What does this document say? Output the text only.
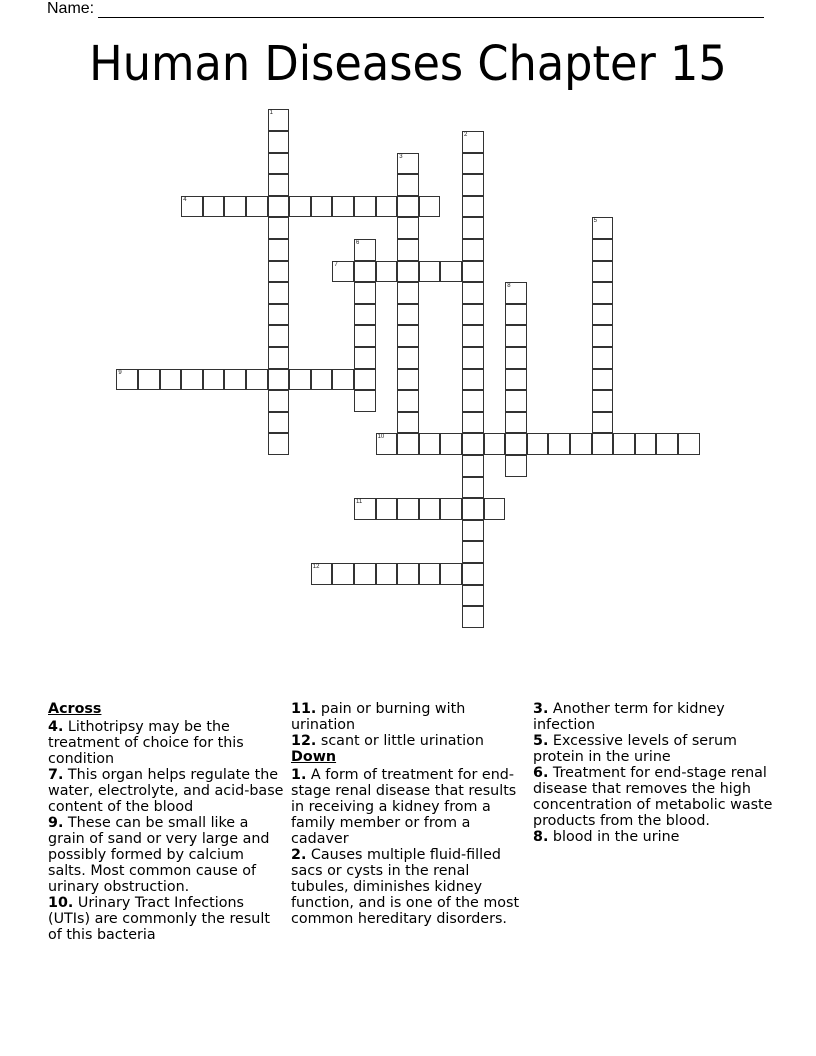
Name:
Human Diseases Chapter 15
1
2
3
4
5
6
7
8
9
10
11
12
Across
4. Lithotripsy may be the treatment of choice for this condition
7. This organ helps regulate the water, electrolyte, and acid-base content of the blood
9. These can be small like a grain of sand or very large and possibly formed by calcium salts. Most common cause of urinary obstruction.
10. Urinary Tract Infections (UTIs) are commonly the result of this bacteria
11. pain or burning with urination
12. scant or little urination
Down
1. A form of treatment for end-stage renal disease that results in receiving a kidney from a family member or from a cadaver
2. Causes multiple fluid-filled sacs or cysts in the renal tubules, diminishes kidney function, and is one of the most common hereditary disorders.
3. Another term for kidney infection
5. Excessive levels of serum protein in the urine
6. Treatment for end-stage renal disease that removes the high concentration of metabolic waste products from the blood.
8. blood in the urine
